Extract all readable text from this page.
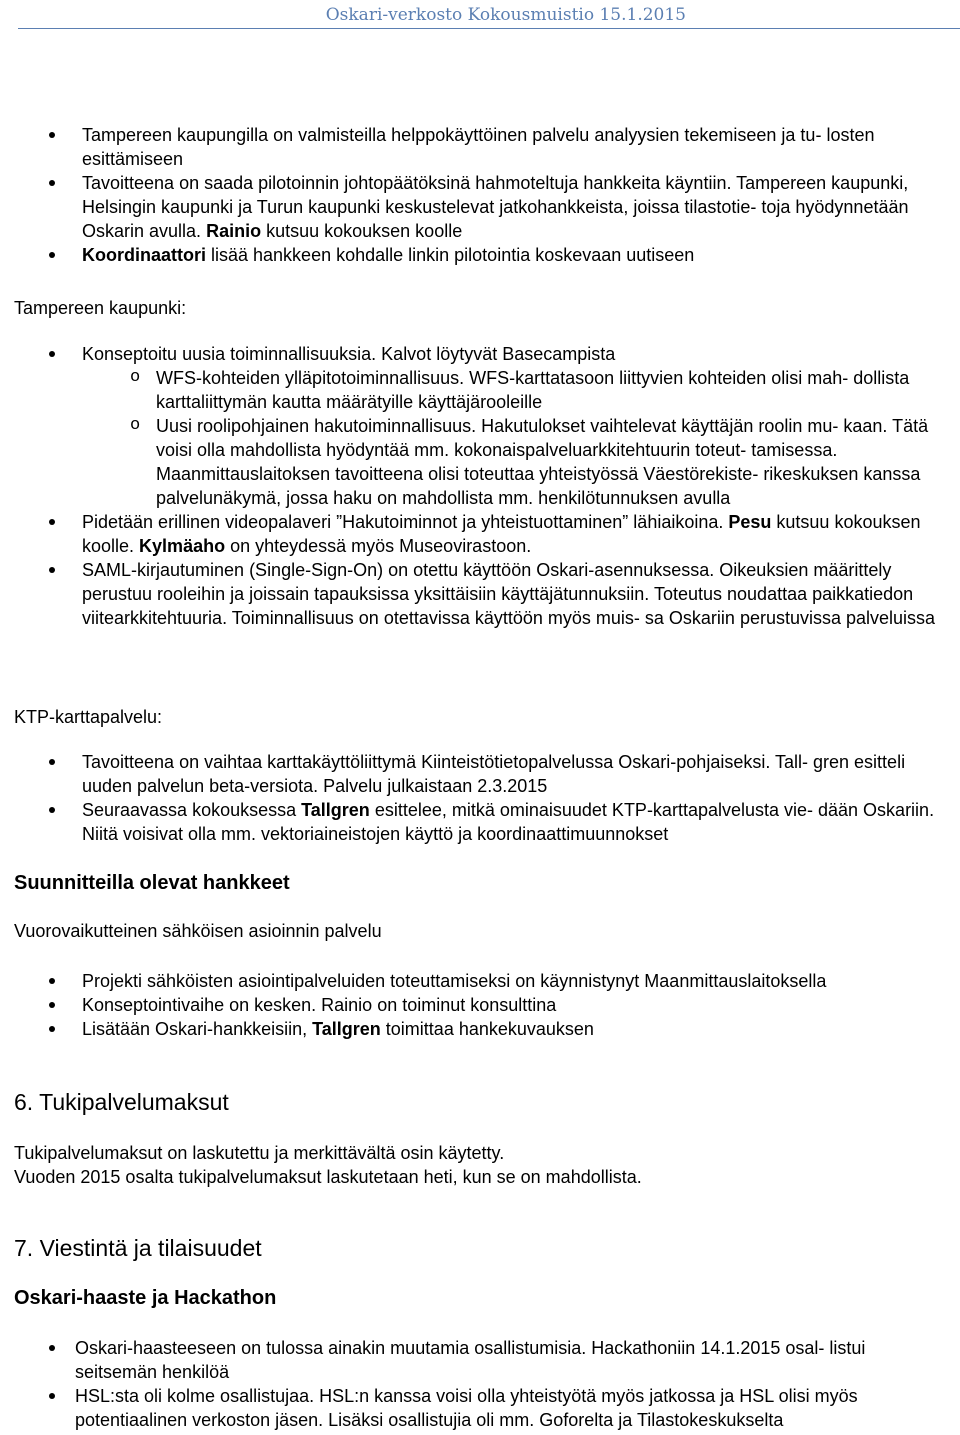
Oskari-verkosto Kokousmuistio 15.1.2015
Tampereen kaupungilla on valmisteilla helppokäyttöinen palvelu analyysien tekemiseen ja tu- losten esittämiseen
Tavoitteena on saada pilotoinnin johtopäätöksinä hahmoteltuja hankkeita käyntiin. Tampereen kaupunki, Helsingin kaupunki ja Turun kaupunki keskustelevat jatkohankkeista, joissa tilastotie- toja hyödynnetään Oskarin avulla. Rainio kutsuu kokouksen koolle
Koordinaattori lisää hankkeen kohdalle linkin pilotointia koskevaan uutiseen
Tampereen kaupunki:
Konseptoitu uusia toiminnallisuuksia. Kalvot löytyvät Basecampista
o WFS-kohteiden ylläpitotoiminnallisuus. WFS-karttatasoon liittyvien kohteiden olisi mah- dollista karttaliittymän kautta määrätyille käyttäjärooleille
o Uusi roolipohjainen hakutoiminnallisuus. Hakutulokset vaihtelevat käyttäjän roolin mu- kaan. Tätä voisi olla mahdollista hyödyntää mm. kokonaispalveluarkkitehtuurin toteut- tamisessa. Maanmittauslaitoksen tavoitteena olisi toteuttaa yhteistyössä Väestörekiste- rikeskuksen kanssa palvelunäkymä, jossa haku on mahdollista mm. henkilötunnuksen avulla
Pidetään erillinen videopalaveri ”Hakutoiminnot ja yhteistuottaminen” lähiaikoina. Pesu kutsuu kokouksen koolle. Kylmäaho on yhteydessä myös Museovirastoon.
SAML-kirjautuminen (Single-Sign-On) on otettu käyttöön Oskari-asennuksessa. Oikeuksien määrittely perustuu rooleihin ja joissain tapauksissa yksittäisiin käyttäjätunnuksiin. Toteutus noudattaa paikkatiedon viitearkkitehtuuria. Toiminnallisuus on otettavissa käyttöön myös muis- sa Oskariin perustuvissa palveluissa
KTP-karttapalvelu:
Tavoitteena on vaihtaa karttakäyttöliittymä Kiinteistötietopalvelussa Oskari-pohjaiseksi. Tall- gren esitteli uuden palvelun beta-versiota. Palvelu julkaistaan 2.3.2015
Seuraavassa kokouksessa Tallgren esittelee, mitkä ominaisuudet KTP-karttapalvelusta vie- dään Oskariin. Niitä voisivat olla mm. vektoriaineistojen käyttö ja koordinaattimuunnokset
Suunnitteilla olevat hankkeet
Vuorovaikutteinen sähköisen asioinnin palvelu
Projekti sähköisten asiointipalveluiden toteuttamiseksi on käynnistynyt Maanmittauslaitoksella
Konseptointivaihe on kesken. Rainio on toiminut konsulttina
Lisätään Oskari-hankkeisiin, Tallgren toimittaa hankekuvauksen
6. Tukipalvelumaksut
Tukipalvelumaksut on laskutettu ja merkittävältä osin käytetty.
Vuoden 2015 osalta tukipalvelumaksut laskutetaan heti, kun se on mahdollista.
7. Viestintä ja tilaisuudet
Oskari-haaste ja Hackathon
Oskari-haasteeseen on tulossa ainakin muutamia osallistumisia. Hackathoniin 14.1.2015 osal- listui seitsemän henkilöä
HSL:sta oli kolme osallistujaa. HSL:n kanssa voisi olla yhteistyötä myös jatkossa ja HSL olisi myös potentiaalinen verkoston jäsen. Lisäksi osallistujia oli mm. Goforelta ja Tilastokeskukselta
